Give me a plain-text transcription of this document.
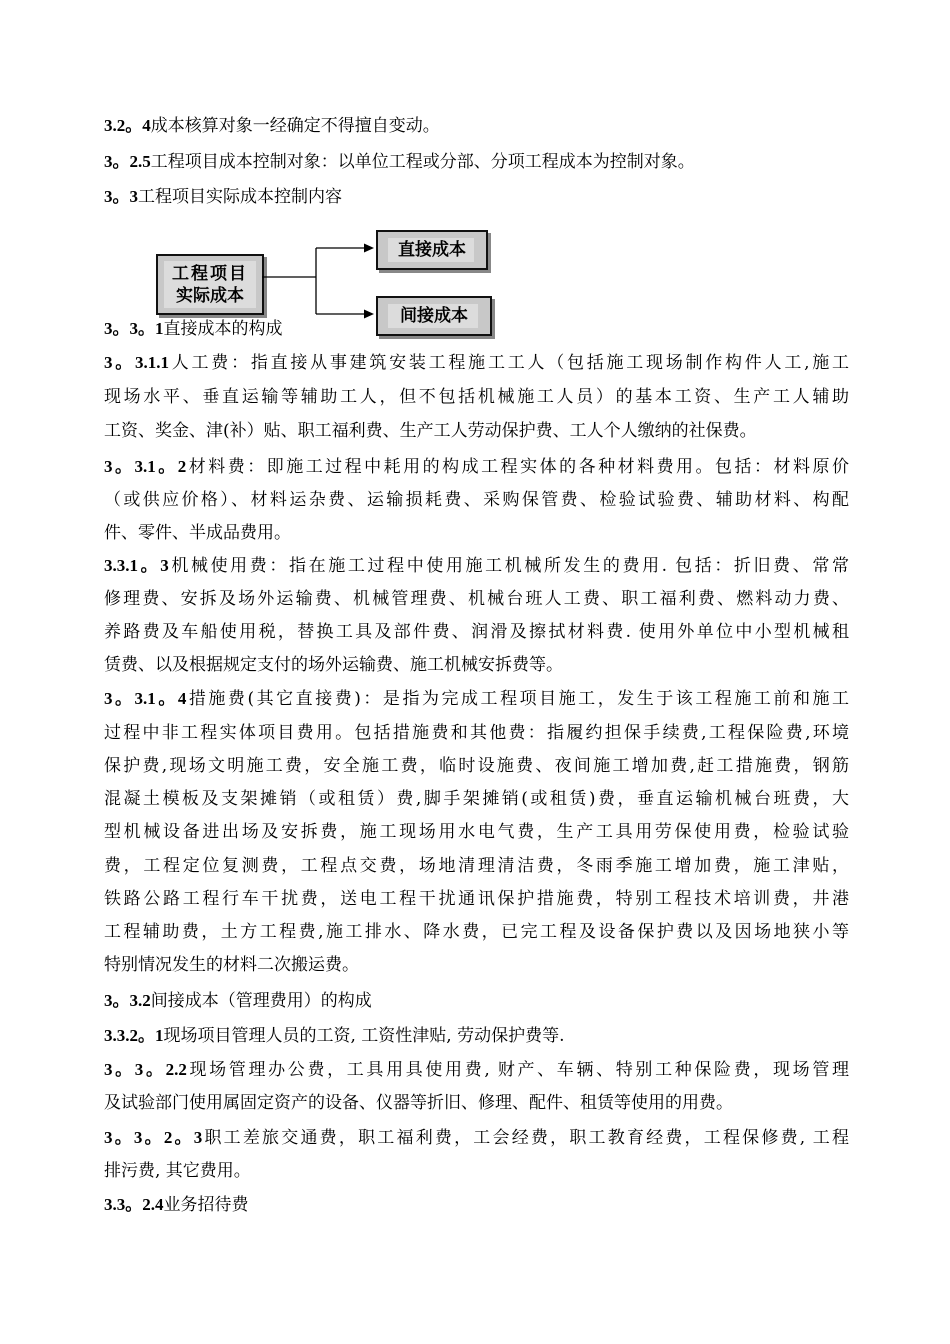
工程项目
实际成本
直接成本
间接成本
3.2。4成本核算对象一经确定不得擅自变动。
3。2.5工程项目成本控制对象：以单位工程或分部、分项工程成本为控制对象。
3。3工程项目实际成本控制内容
3。3。1直接成本的构成
3。3.1.1人工费：指直接从事建筑安装工程施工工人（包括施工现场制作构件人工,施工
现场水平、垂直运输等辅助工人，但不包括机械施工人员）的基本工资、生产工人辅助
工资、奖金、津(补）贴、职工福利费、生产工人劳动保护费、工人个人缴纳的社保费。
3。3.1。2材料费：即施工过程中耗用的构成工程实体的各种材料费用。包括：材料原价
（或供应价格）、材料运杂费、运输损耗费、采购保管费、检验试验费、辅助材料、构配
件、零件、半成品费用。
3.3.1。3机械使用费：指在施工过程中使用施工机械所发生的费用. 包括：折旧费、常常
修理费、安拆及场外运输费、机械管理费、机械台班人工费、职工福利费、燃料动力费、
养路费及车船使用税，替换工具及部件费、润滑及擦拭材料费. 使用外单位中小型机械租
赁费、以及根据规定支付的场外运输费、施工机械安拆费等。
3。3.1。4措施费(其它直接费)：是指为完成工程项目施工，发生于该工程施工前和施工
过程中非工程实体项目费用。包括措施费和其他费：指履约担保手续费,工程保险费,环境
保护费,现场文明施工费，安全施工费，临时设施费、夜间施工增加费,赶工措施费，钢筋
混凝土模板及支架摊销（或租赁）费,脚手架摊销(或租赁)费，垂直运输机械台班费，大
型机械设备进出场及安拆费，施工现场用水电气费，生产工具用劳保使用费，检验试验
费，工程定位复测费，工程点交费，场地清理清洁费，冬雨季施工增加费，施工津贴，
铁路公路工程行车干扰费，送电工程干扰通讯保护措施费，特别工程技术培训费，井港
工程辅助费，土方工程费,施工排水、降水费，已完工程及设备保护费以及因场地狭小等
特别情况发生的材料二次搬运费。
3。3.2间接成本（管理费用）的构成
3.3.2。1现场项目管理人员的工资, 工资性津贴, 劳动保护费等.
3。3。2.2现场管理办公费，工具用具使用费, 财产、车辆、特别工种保险费，现场管理
及试验部门使用属固定资产的设备、仪器等折旧、修理、配件、租赁等使用的用费。
3。3。2。3职工差旅交通费，职工福利费，工会经费，职工教育经费，工程保修费, 工程
排污费, 其它费用。
3.3。2.4业务招待费
